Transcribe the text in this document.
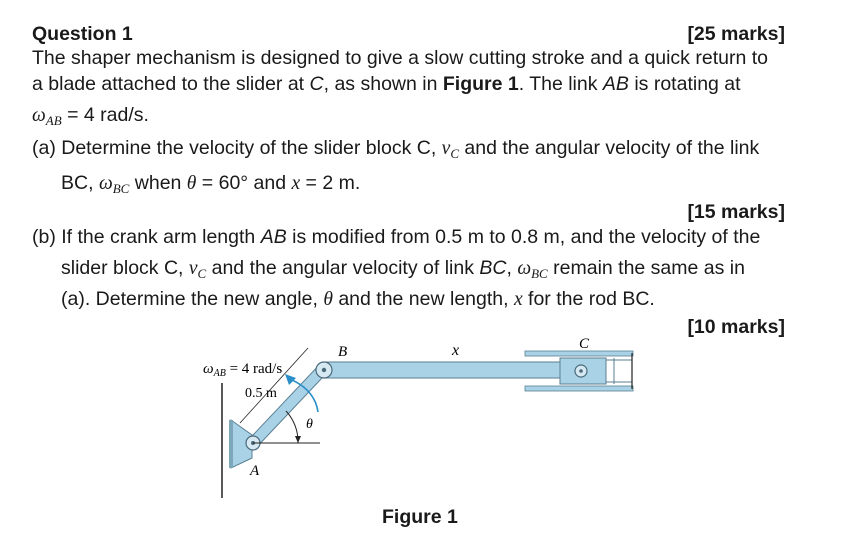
Question 1	[25 marks]
The shaper mechanism is designed to give a slow cutting stroke and a quick return to
a blade attached to the slider at C, as shown in Figure 1. The link AB is rotating at
$\omega_{AB} = 4$ rad/s.
(a) Determine the velocity of the slider block C, $v_C$ and the angular velocity of the link
BC, $\omega_{BC}$ when θ = 60° and x = 2 m.
[15 marks]
(b) If the crank arm length AB is modified from 0.5 m to 0.8 m, and the velocity of the
slider block C, $v_C$ and the angular velocity of link BC, $\omega_{BC}$ remain the same as in
(a). Determine the new angle, θ and the new length, x for the rod BC.
[10 marks]
A
B	C
x
θ
0.5 m
$\omega_{AB} = 4$ rad/s
Figure 1
